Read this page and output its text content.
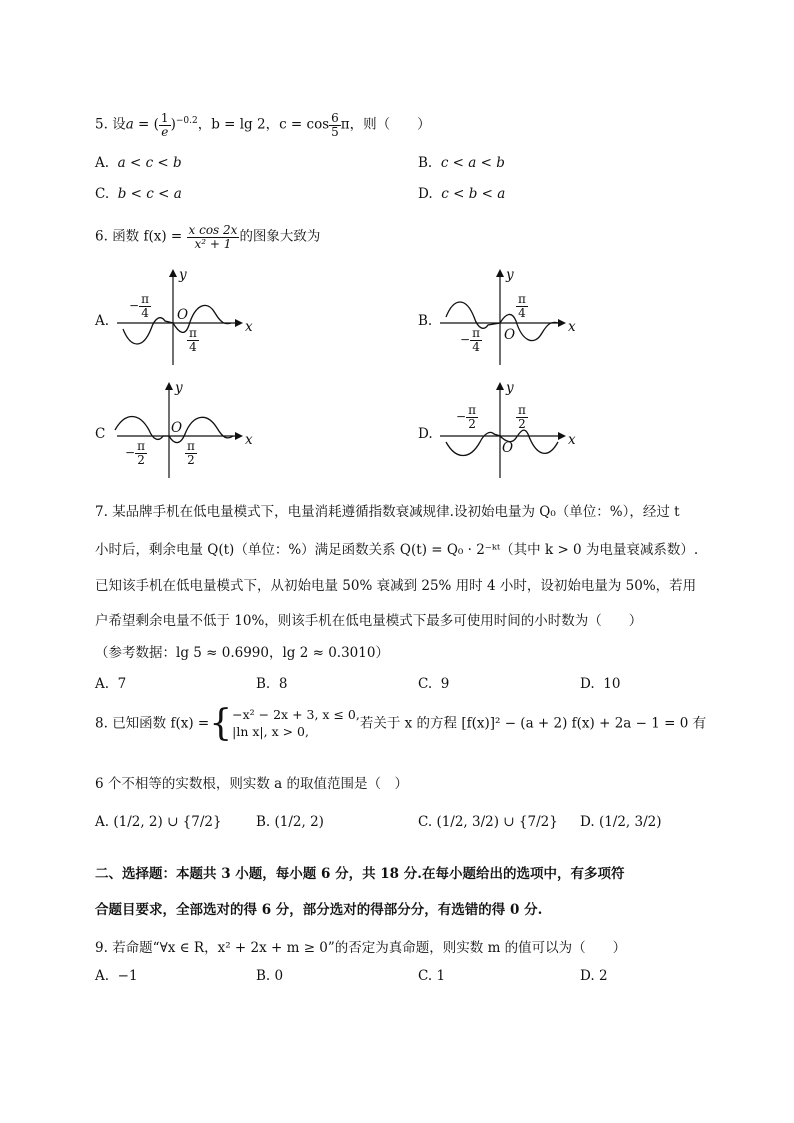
5. 设a = ( $\frac{1}{e} )^{-0.2}$，b = lg 2，$c = \cos \frac{6}{5}$ π，则（　　）
A. a < c < b	B. c < a < b
C. b < c < a	D. c < b < a
6. 函数 $f(x) = \frac{\text{x cos 2x}}{\text{x² + 1}}$ 的图象大致为
A.
− $\frac{\pi}{4}$ O
$\frac{\pi}{4}$	x
y
B.
− $\frac{\pi}{4}$ O
$\frac{\pi}{4}$
x
y
C
− $\frac{\pi}{2}$
O
$\frac{\pi}{2}$	x
y
D.
− $\frac{\pi}{2}$
O
$\frac{\pi}{2}$
x
y
7. 某品牌手机在低电量模式下，电量消耗遵循指数衰减规律.设初始电量为 Q₀（单位：%），经过 t
小时后，剩余电量 Q(t)（单位：%）满足函数关系 Q(t) = Q₀ · 2⁻ᵏᵗ（其中 k > 0 为电量衰减系数）.
已知该手机在低电量模式下，从初始电量 50% 衰减到 25% 用时 4 小时，设初始电量为 50%，若用
户希望剩余电量不低于 10%，则该手机在低电量模式下最多可使用时间的小时数为（　　）
（参考数据：lg 5 ≈ 0.6990，lg 2 ≈ 0.3010）
A. 7	B. 8	C. 9	D. 10
8. 已知函数 f(x) ={ −x² − 2x + 3, x ≤ 0,
|ln x|, x > 0,	若关于 x 的方程 [f(x)]² − (a + 2) f(x) + 2a − 1 = 0 有
6 个不相等的实数根，则实数 a 的取值范围是（　）
A. (1/2, 2) ∪ {7/2}	B. (1/2, 2)	C. (1/2, 3/2) ∪ {7/2} D. (1/2, 3/2)
二、选择题：本题共 3 小题，每小题 6 分，共 18 分.在每小题给出的选项中，有多项符
合题目要求，全部选对的得 6 分，部分选对的得部分分，有选错的得 0 分.
9. 若命题“∀x ∈ R，x² + 2x + m ≥ 0”的否定为真命题，则实数 m 的值可以为（　　）
A. −1	B. 0	C. 1	D. 2
